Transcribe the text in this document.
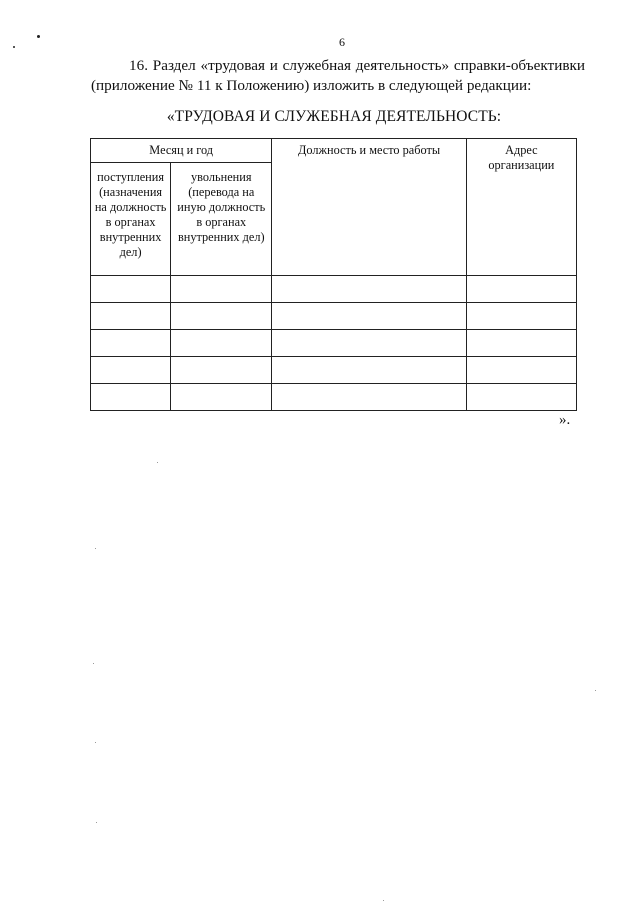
6

16. Раздел «трудовая и служебная деятельность» справки-объективки (приложение № 11 к Положению) изложить в следующей редакции:

«ТРУДОВАЯ И СЛУЖЕБНАЯ ДЕЯТЕЛЬНОСТЬ:
Месяц и год		Должность и место работы	Адрес организации
поступления (назначения на должность в органах внутренних дел)	увольнения (перевода на иную должность в органах внутренних дел)		

».
